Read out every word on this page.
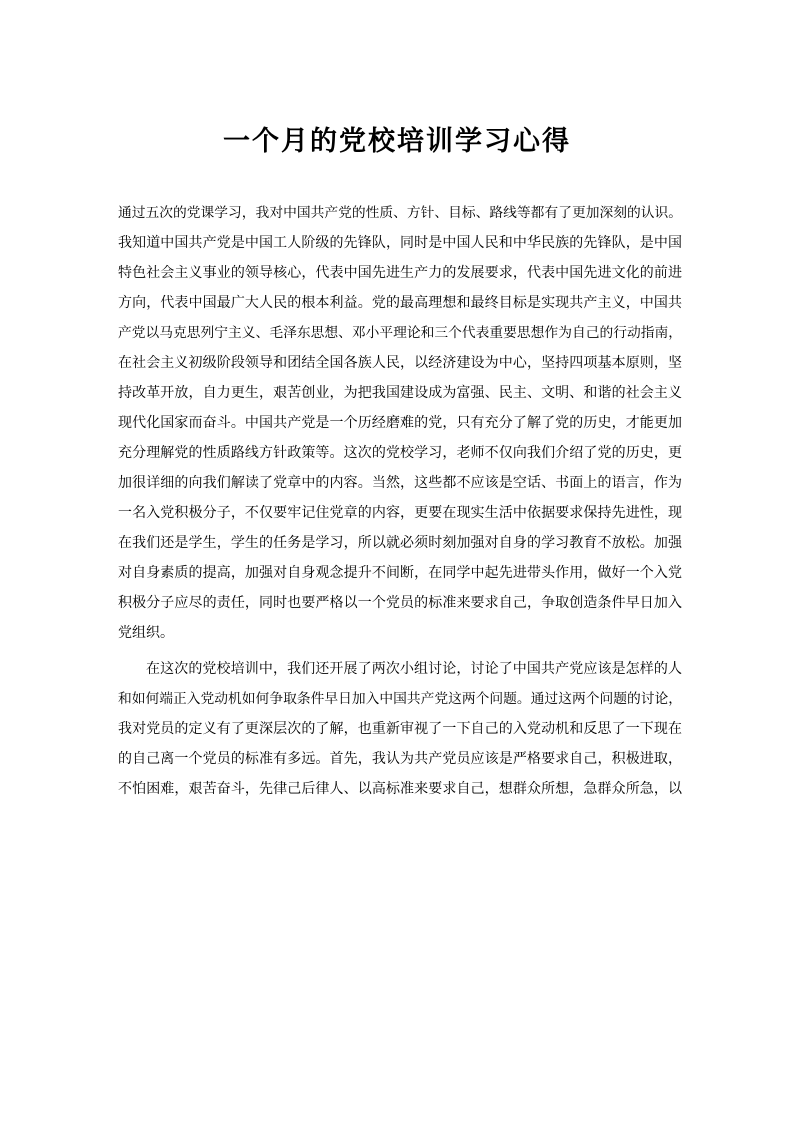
一个月的党校培训学习心得
通过五次的党课学习，我对中国共产党的性质、方针、目标、路线等都有了更加深刻的认识。
我知道中国共产党是中国工人阶级的先锋队，同时是中国人民和中华民族的先锋队，是中国
特色社会主义事业的领导核心，代表中国先进生产力的发展要求，代表中国先进文化的前进
方向，代表中国最广大人民的根本利益。党的最高理想和最终目标是实现共产主义，中国共
产党以马克思列宁主义、毛泽东思想、邓小平理论和三个代表重要思想作为自己的行动指南，
在社会主义初级阶段领导和团结全国各族人民，以经济建设为中心，坚持四项基本原则，坚
持改革开放，自力更生，艰苦创业，为把我国建设成为富强、民主、文明、和谐的社会主义
现代化国家而奋斗。中国共产党是一个历经磨难的党，只有充分了解了党的历史，才能更加
充分理解党的性质路线方针政策等。这次的党校学习，老师不仅向我们介绍了党的历史，更
加很详细的向我们解读了党章中的内容。当然，这些都不应该是空话、书面上的语言，作为
一名入党积极分子，不仅要牢记住党章的内容，更要在现实生活中依据要求保持先进性，现
在我们还是学生，学生的任务是学习，所以就必须时刻加强对自身的学习教育不放松。加强
对自身素质的提高，加强对自身观念提升不间断，在同学中起先进带头作用，做好一个入党
积极分子应尽的责任，同时也要严格以一个党员的标准来要求自己，争取创造条件早日加入
党组织。
在这次的党校培训中，我们还开展了两次小组讨论，讨论了中国共产党应该是怎样的人
和如何端正入党动机如何争取条件早日加入中国共产党这两个问题。通过这两个问题的讨论，
我对党员的定义有了更深层次的了解，也重新审视了一下自己的入党动机和反思了一下现在
的自己离一个党员的标准有多远。首先，我认为共产党员应该是严格要求自己，积极进取，
不怕困难，艰苦奋斗，先律己后律人、以高标准来要求自己，想群众所想，急群众所急，以
